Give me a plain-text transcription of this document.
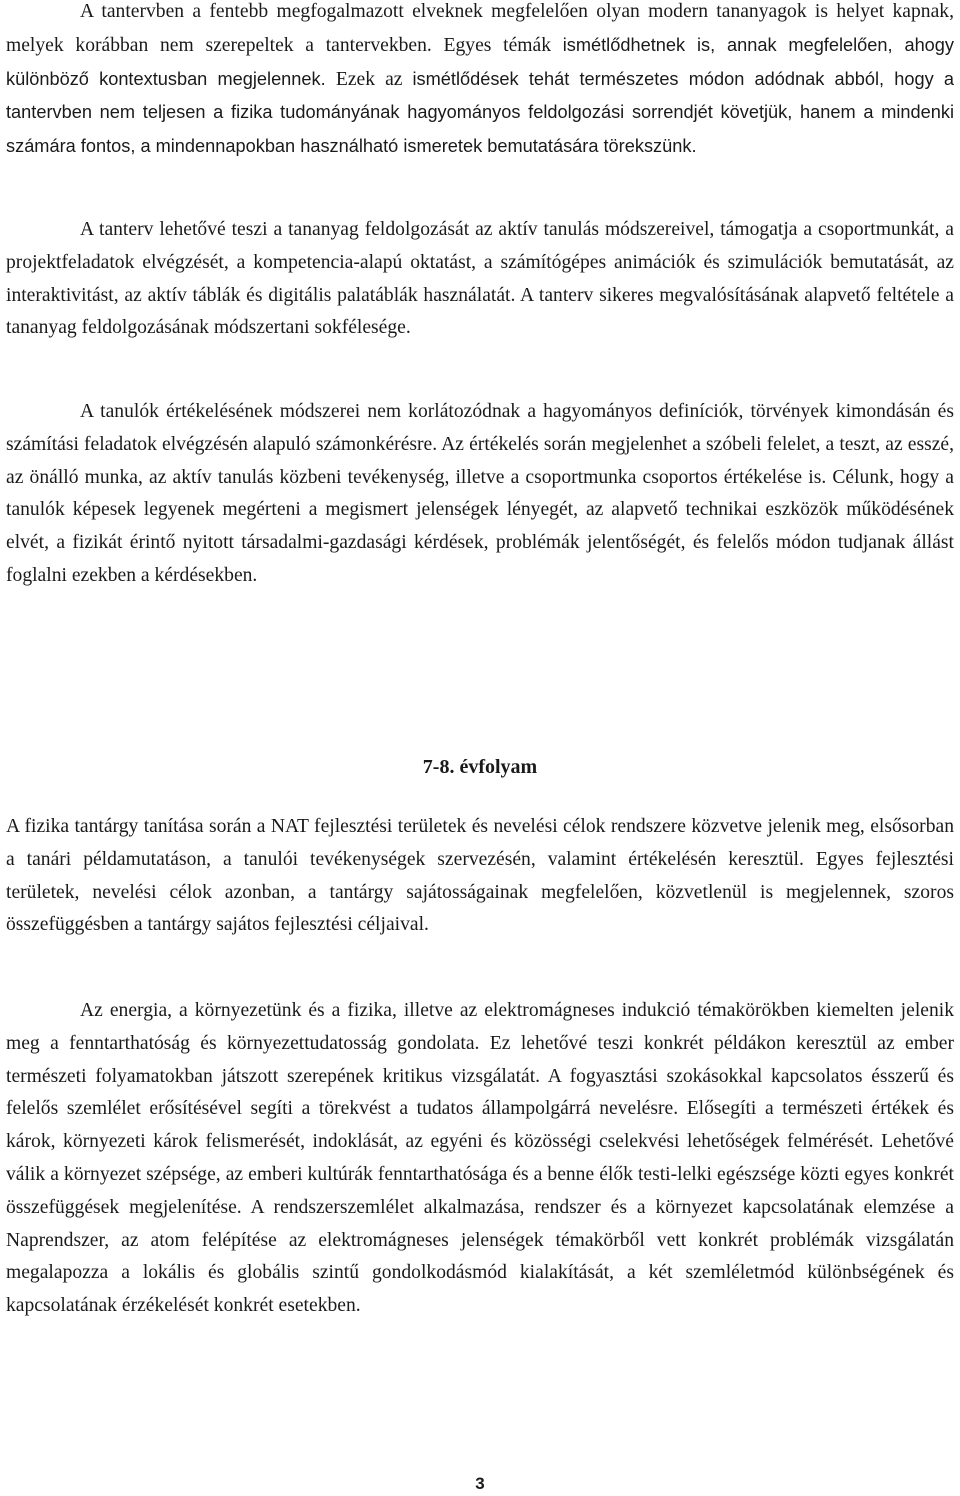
A tantervben a fentebb megfogalmazott elveknek megfelelően olyan modern tananyagok is helyet kapnak, melyek korábban nem szerepeltek a tantervekben. Egyes témák ismétlődhetnek is, annak megfelelően, ahogy különböző kontextusban megjelennek. Ezek az ismétlődések tehát természetes módon adódnak abból, hogy a tantervben nem teljesen a fizika tudományának hagyományos feldolgozási sorrendjét követjük, hanem a mindenki számára fontos, a mindennapokban használható ismeretek bemutatására törekszünk.

A tanterv lehetővé teszi a tananyag feldolgozását az aktív tanulás módszereivel, támogatja a csoportmunkát, a projektfeladatok elvégzését, a kompetencia-alapú oktatást, a számítógépes animációk és szimulációk bemutatását, az interaktivitást, az aktív táblák és digitális palatáblák használatát. A tanterv sikeres megvalósításának alapvető feltétele a tananyag feldolgozásának módszertani sokfélesége.

A tanulók értékelésének módszerei nem korlátozódnak a hagyományos definíciók, törvények kimondásán és számítási feladatok elvégzésén alapuló számonkérésre. Az értékelés során megjelenhet a szóbeli felelet, a teszt, az esszé, az önálló munka, az aktív tanulás közbeni tevékenység, illetve a csoportmunka csoportos értékelése is. Célunk, hogy a tanulók képesek legyenek megérteni a megismert jelenségek lényegét, az alapvető technikai eszközök működésének elvét, a fizikát érintő nyitott társadalmi-gazdasági kérdések, problémák jelentőségét, és felelős módon tudjanak állást foglalni ezekben a kérdésekben.

7-8. évfolyam

A fizika tantárgy tanítása során a NAT fejlesztési területek és nevelési célok rendszere közvetve jelenik meg, elsősorban a tanári példamutatáson, a tanulói tevékenységek szervezésén, valamint értékelésén keresztül. Egyes fejlesztési területek, nevelési célok azonban, a tantárgy sajátosságainak megfelelően, közvetlenül is megjelennek, szoros összefüggésben a tantárgy sajátos fejlesztési céljaival.

Az energia, a környezetünk és a fizika, illetve az elektromágneses indukció témakörökben kiemelten jelenik meg a fenntarthatóság és környezettudatosság gondolata. Ez lehetővé teszi konkrét példákon keresztül az ember természeti folyamatokban játszott szerepének kritikus vizsgálatát. A fogyasztási szokásokkal kapcsolatos ésszerű és felelős szemlélet erősítésével segíti a törekvést a tudatos állampolgárrá nevelésre. Elősegíti a természeti értékek és károk, környezeti károk felismerését, indoklását, az egyéni és közösségi cselekvési lehetőségek felmérését. Lehetővé válik a környezet szépsége, az emberi kultúrák fenntarthatósága és a benne élők testi-lelki egészsége közti egyes konkrét összefüggések megjelenítése. A rendszerszemlélet alkalmazása, rendszer és a környezet kapcsolatának elemzése a Naprendszer, az atom felépítése az elektromágneses jelenségek témakörből vett konkrét problémák vizsgálatán megalapozza a lokális és globális szintű gondolkodásmód kialakítását, a két szemléletmód különbségének és kapcsolatának érzékelését konkrét esetekben.

3
